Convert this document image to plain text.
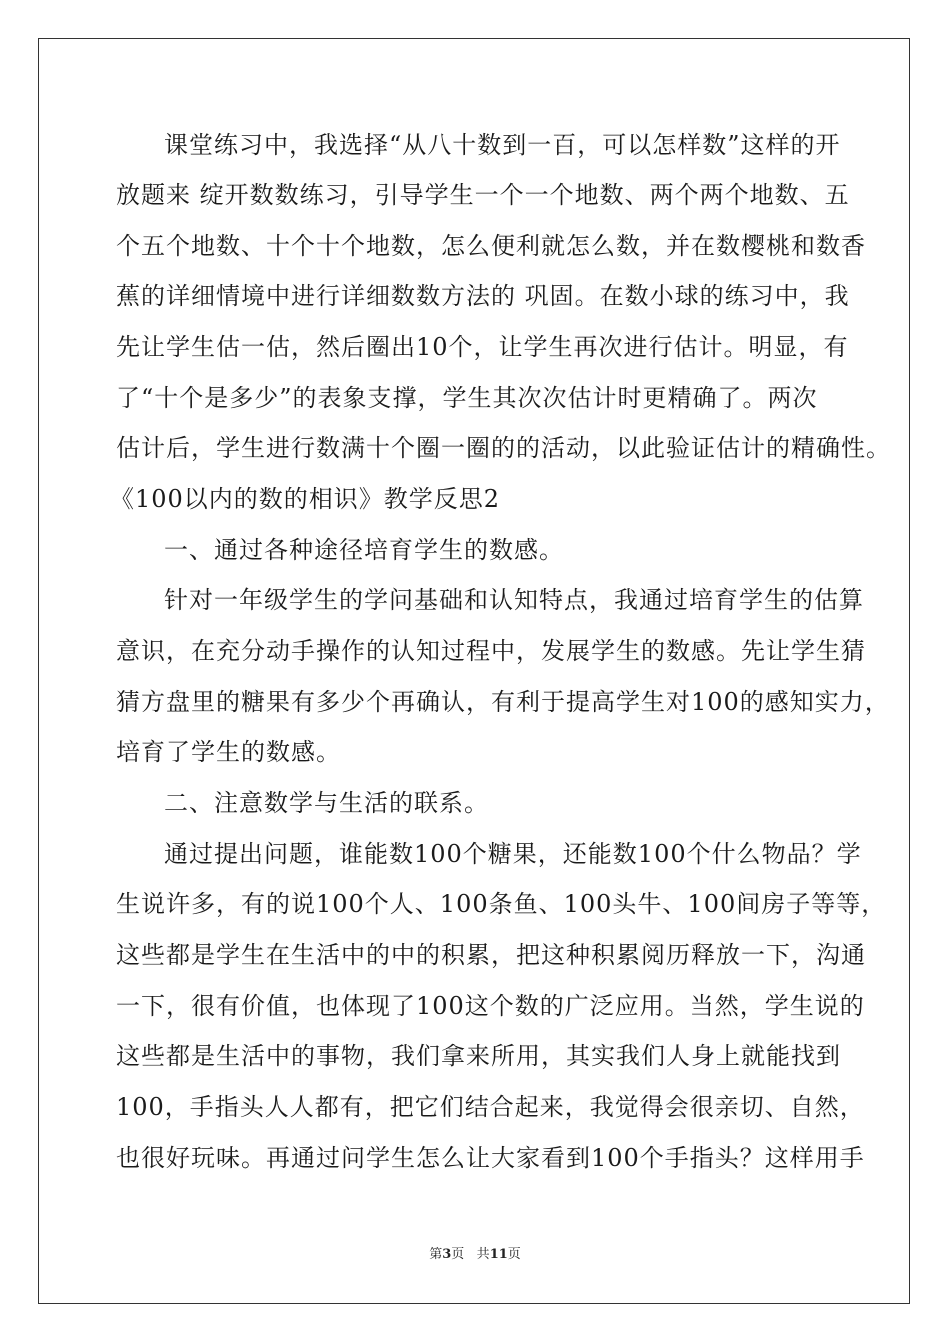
课堂练习中，我选择“从八十数到一百，可以怎样数”这样的开
放题来 绽开数数练习，引导学生一个一个地数、两个两个地数、五
个五个地数、十个十个地数，怎么便利就怎么数，并在数樱桃和数香
蕉的详细情境中进行详细数数方法的 巩固。在数小球的练习中，我
先让学生估一估，然后圈出10个，让学生再次进行估计。明显，有
了“十个是多少”的表象支撑，学生其次次估计时更精确了。两次
估计后，学生进行数满十个圈一圈的的活动，以此验证估计的精确性。
《100以内的数的相识》教学反思2
一、通过各种途径培育学生的数感。
针对一年级学生的学问基础和认知特点，我通过培育学生的估算
意识，在充分动手操作的认知过程中，发展学生的数感。先让学生猜
猜方盘里的糖果有多少个再确认，有利于提高学生对100的感知实力，
培育了学生的数感。
二、注意数学与生活的联系。
通过提出问题，谁能数100个糖果，还能数100个什么物品？学
生说许多，有的说100个人、100条鱼、100头牛、100间房子等等，
这些都是学生在生活中的中的积累，把这种积累阅历释放一下，沟通
一下，很有价值，也体现了100这个数的广泛应用。当然，学生说的
这些都是生活中的事物，我们拿来所用，其实我们人身上就能找到
100，手指头人人都有，把它们结合起来，我觉得会很亲切、自然，
也很好玩味。再通过问学生怎么让大家看到100个手指头？这样用手
第3页 共11页
